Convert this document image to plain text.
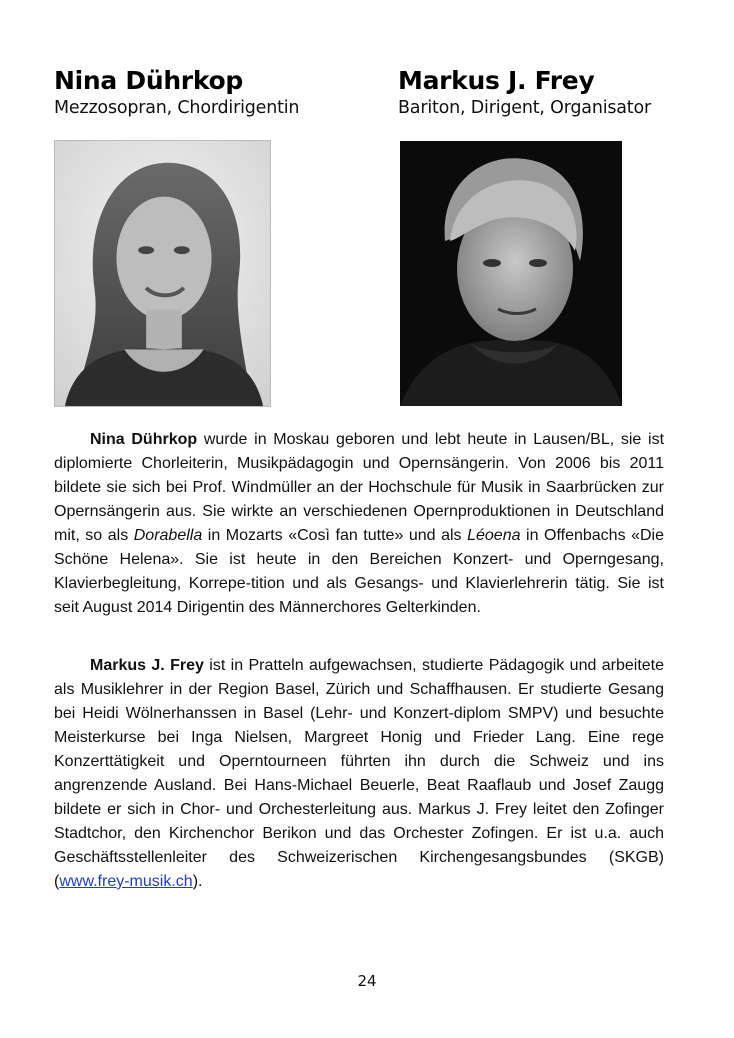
Nina Dührkop
Mezzosopran, Chordirigentin
Markus J. Frey
Bariton, Dirigent, Organisator
Nina Dührkop wurde in Moskau geboren und lebt heute in Lausen/BL, sie ist diplomierte Chorleiterin, Musikpädagogin und Opernsängerin. Von 2006 bis 2011 bildete sie sich bei Prof. Windmüller an der Hochschule für Musik in Saarbrücken zur Opernsängerin aus. Sie wirkte an verschiedenen Opernproduktionen in Deutschland mit, so als Dorabella in Mozarts «Così fan tutte» und als Léoena in Offenbachs «Die Schöne Helena». Sie ist heute in den Bereichen Konzert- und Operngesang, Klavierbegleitung, Korrepe-tition und als Gesangs- und Klavierlehrerin tätig. Sie ist seit August 2014 Dirigentin des Männerchores Gelterkinden.
Markus J. Frey ist in Pratteln aufgewachsen, studierte Pädagogik und arbeitete als Musiklehrer in der Region Basel, Zürich und Schaffhausen. Er studierte Gesang bei Heidi Wölnerhanssen in Basel (Lehr- und Konzert-diplom SMPV) und besuchte Meisterkurse bei Inga Nielsen, Margreet Honig und Frieder Lang. Eine rege Konzerttätigkeit und Operntourneen führten ihn durch die Schweiz und ins angrenzende Ausland. Bei Hans-Michael Beuerle, Beat Raaflaub und Josef Zaugg bildete er sich in Chor- und Orchesterleitung aus. Markus J. Frey leitet den Zofinger Stadtchor, den Kirchenchor Berikon und das Orchester Zofingen. Er ist u.a. auch Geschäftsstellenleiter des Schweizerischen Kirchengesangsbundes (SKGB) (www.frey-musik.ch).
24
